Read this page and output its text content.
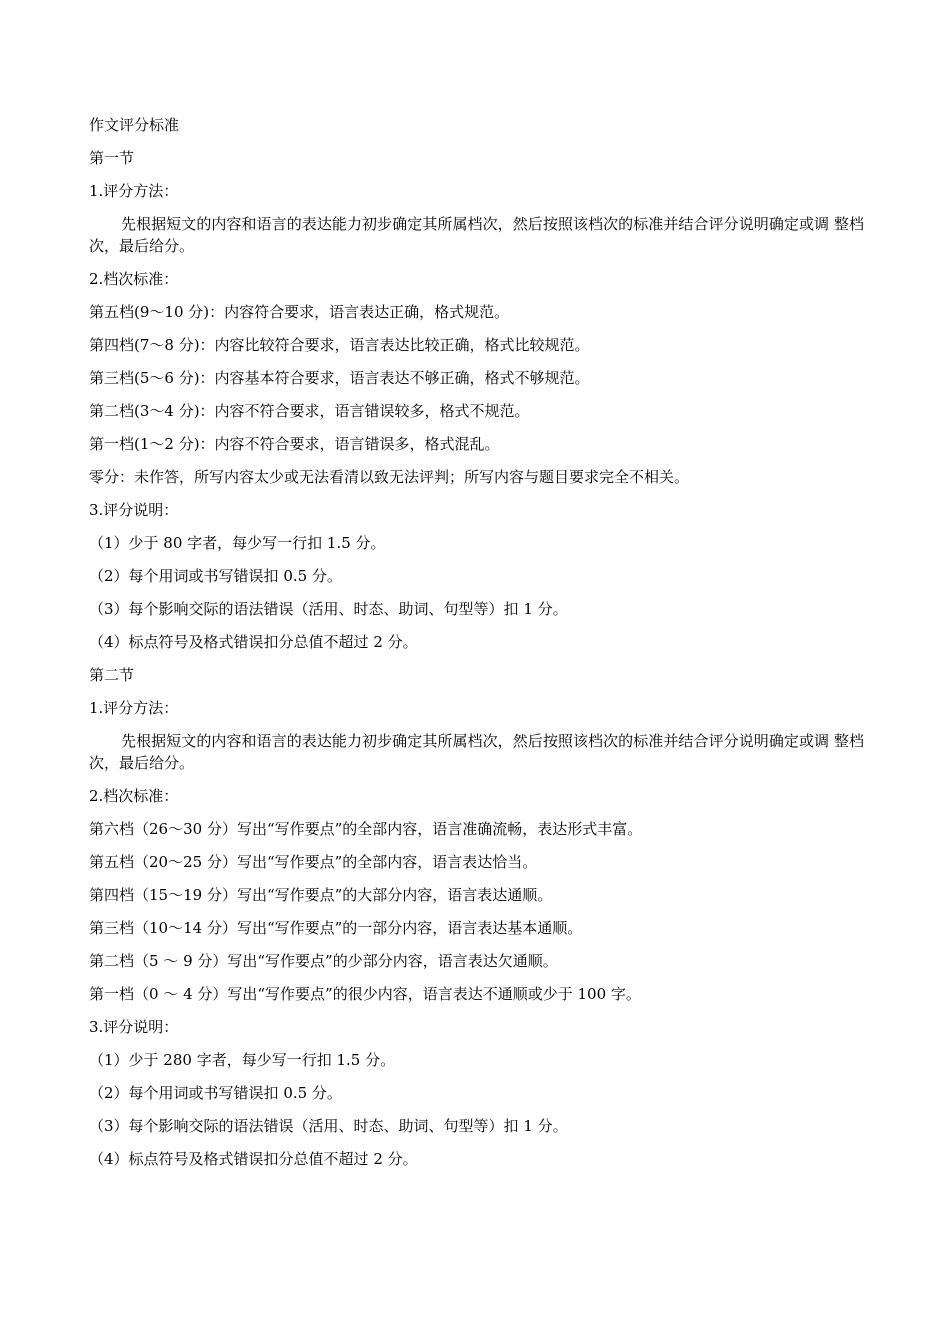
作文评分标准
第一节
1.评分方法：
先根据短文的内容和语言的表达能力初步确定其所属档次，然后按照该档次的标准并结合评分说明确定或调 整档次，最后给分。
2.档次标准：
第五档(9～10 分)：内容符合要求，语言表达正确，格式规范。
第四档(7～8 分)：内容比较符合要求，语言表达比较正确，格式比较规范。
第三档(5～6 分)：内容基本符合要求，语言表达不够正确，格式不够规范。
第二档(3～4 分)：内容不符合要求，语言错误较多，格式不规范。
第一档(1～2 分)：内容不符合要求，语言错误多，格式混乱。
零分：未作答，所写内容太少或无法看清以致无法评判；所写内容与题目要求完全不相关。
3.评分说明：
（1）少于 80 字者，每少写一行扣 1.5 分。
（2）每个用词或书写错误扣 0.5 分。
（3）每个影响交际的语法错误（活用、时态、助词、句型等）扣 1 分。
（4）标点符号及格式错误扣分总值不超过 2 分。
第二节
1.评分方法：
先根据短文的内容和语言的表达能力初步确定其所属档次，然后按照该档次的标准并结合评分说明确定或调 整档次，最后给分。
2.档次标准：
第六档（26～30 分）写出“写作要点”的全部内容，语言准确流畅，表达形式丰富。
第五档（20～25 分）写出“写作要点”的全部内容，语言表达恰当。
第四档（15～19 分）写出“写作要点”的大部分内容，语言表达通顺。
第三档（10～14 分）写出“写作要点”的一部分内容，语言表达基本通顺。
第二档（5 ～ 9 分）写出“写作要点”的少部分内容，语言表达欠通顺。
第一档（0 ～ 4 分）写出“写作要点”的很少内容，语言表达不通顺或少于 100 字。
3.评分说明：
（1）少于 280 字者，每少写一行扣 1.5 分。
（2）每个用词或书写错误扣 0.5 分。
（3）每个影响交际的语法错误（活用、时态、助词、句型等）扣 1 分。
（4）标点符号及格式错误扣分总值不超过 2 分。
